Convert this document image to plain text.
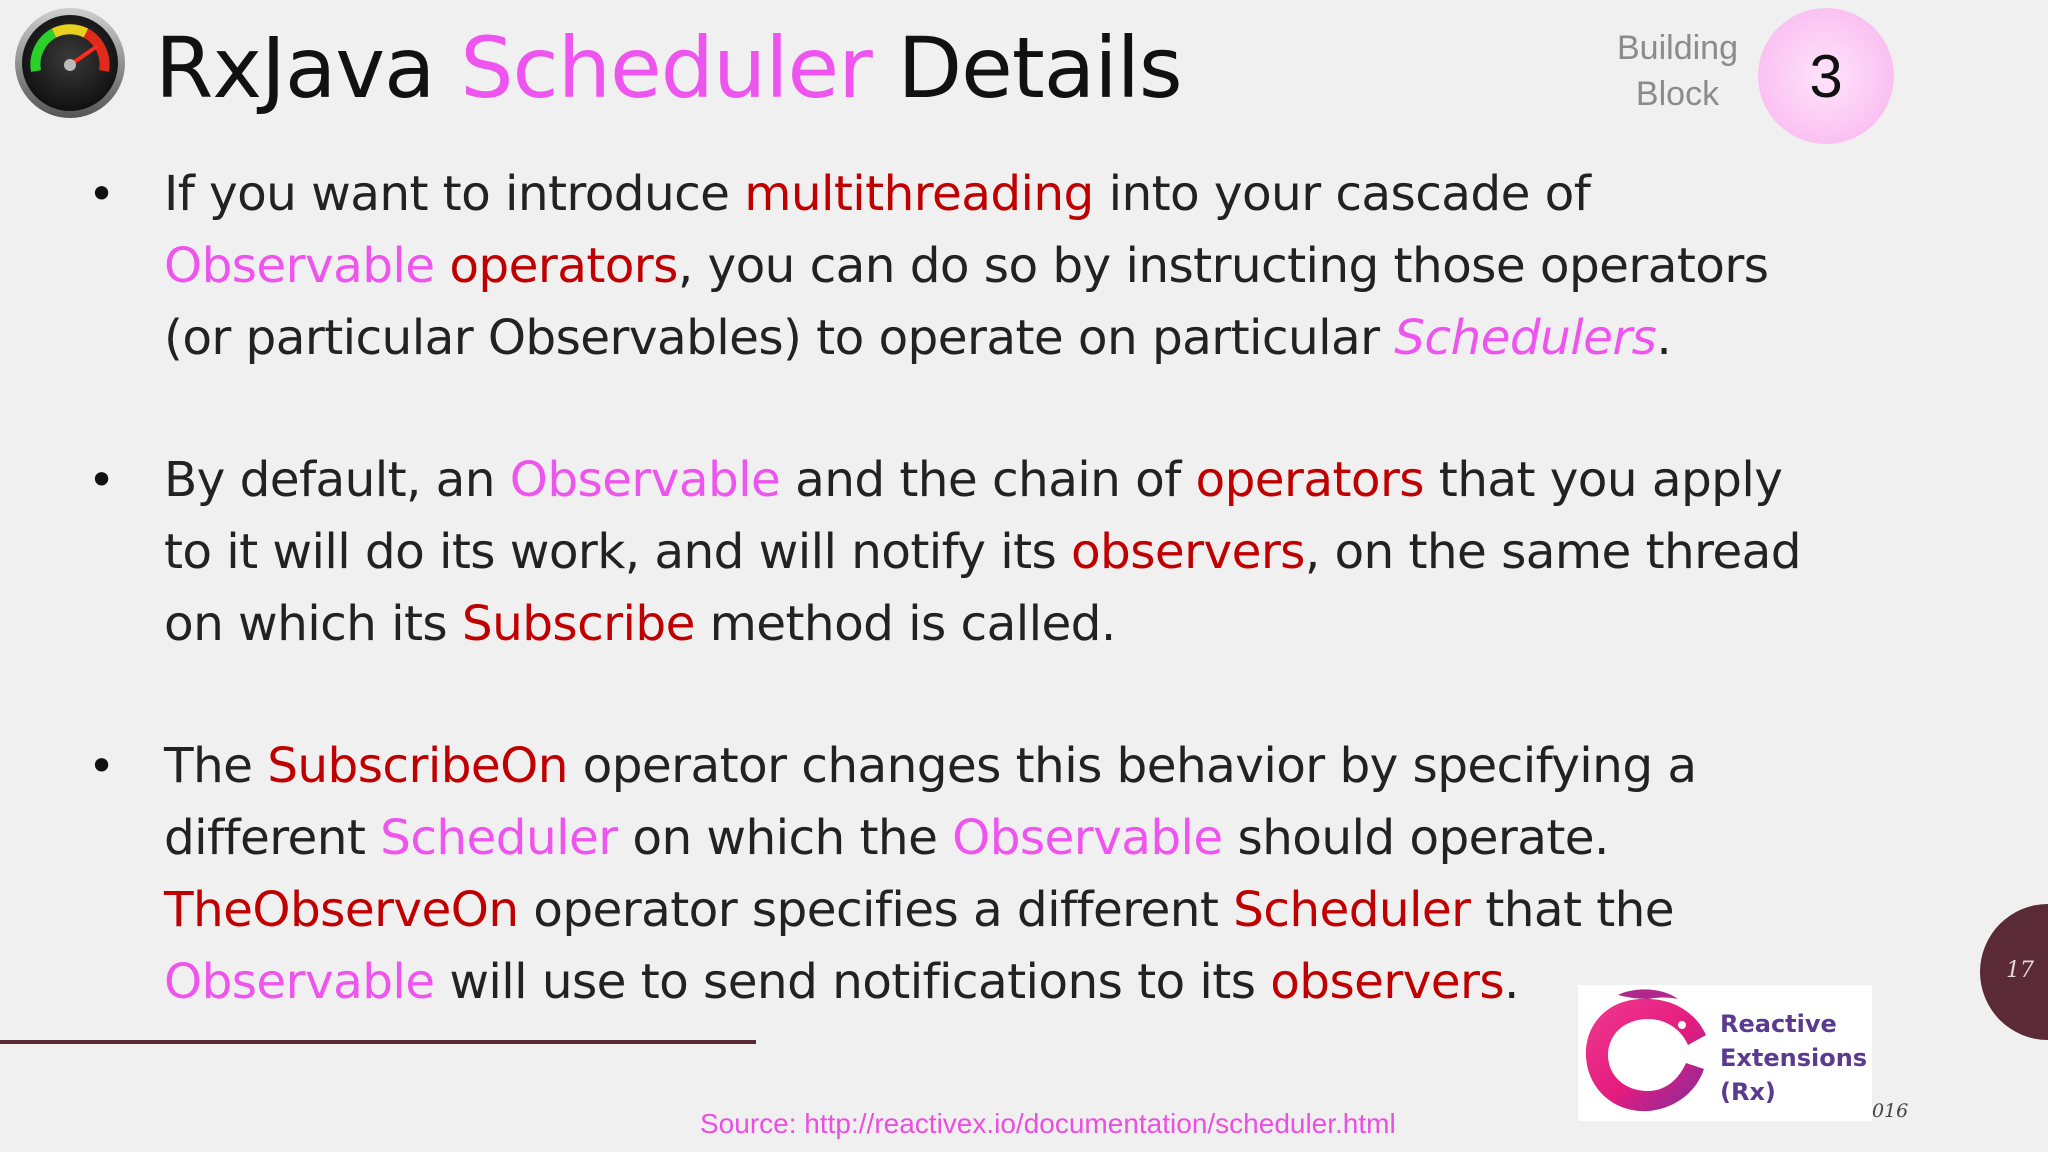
RxJava Scheduler Details	Building
Block	3
• If you want to introduce multithreading into your cascade of
Observable operators, you can do so by instructing those operators
(or particular Observables) to operate on particular Schedulers.
• By default, an Observable and the chain of operators that you apply
to it will do its work, and will notify its observers, on the same thread
on which its Subscribe method is called.
• The SubscribeOn operator changes this behavior by specifying a
different Scheduler on which the Observable should operate.
TheObserveOn operator specifies a different Scheduler that the
Observable will use to send notifications to its observers.
Reactive
Extensions
(Rx)
17
016
Source: http://reactivex.io/documentation/scheduler.html
